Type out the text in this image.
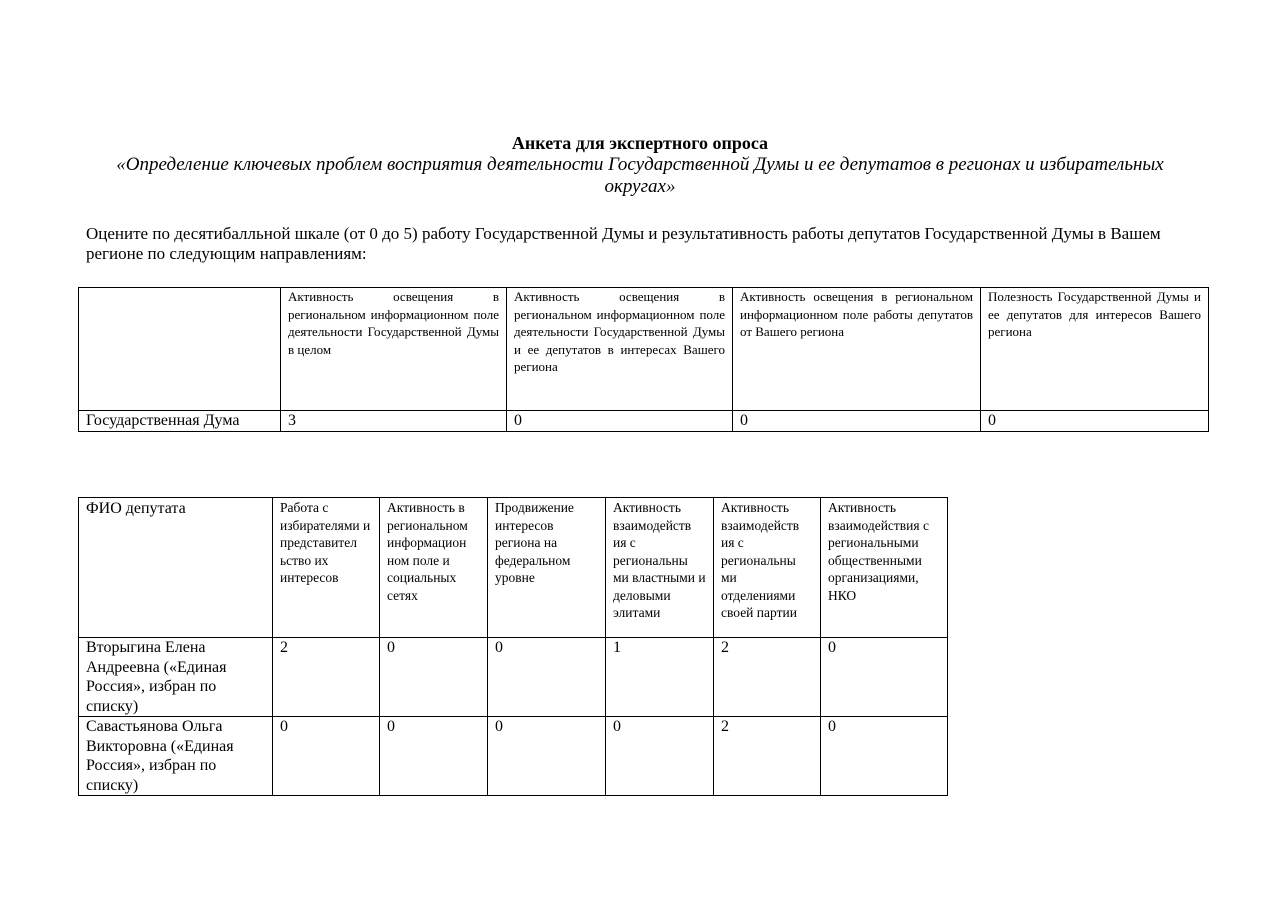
Анкета для экспертного опроса
«Определение ключевых проблем восприятия деятельности Государственной Думы и ее депутатов в регионах и избирательных округах»
Оцените по десятибалльной шкале (от 0 до 5) работу Государственной Думы и результативность работы депутатов Государственной Думы в Вашем регионе по следующим направлениям:
	Активность освещения в региональном информационном поле деятельности Государственной Думы в целом	Активность освещения в региональном информационном поле деятельности Государственной Думы и ее депутатов в интересах Вашего региона	Активность освещения в региональном информационном поле работы депутатов от Вашего региона	Полезность Государственной Думы и ее депутатов для интересов Вашего региона
Государственная Дума	3	0	0	0
ФИО депутата	Работа с избирателями и представител ьство их интересов	Активность в региональном информацион ном поле и социальных сетях	Продвижение интересов региона на федеральном уровне	Активность взаимодейств ия с региональны ми властными и деловыми элитами	Активность взаимодейств ия с региональны ми отделениями своей партии	Активность взаимодействия с региональными общественными организациями, НКО
Вторыгина Елена Андреевна («Единая Россия», избран по списку)	2	0	0	1	2	0
Савастьянова Ольга Викторовна («Единая Россия», избран по списку)	0	0	0	0	2	0
